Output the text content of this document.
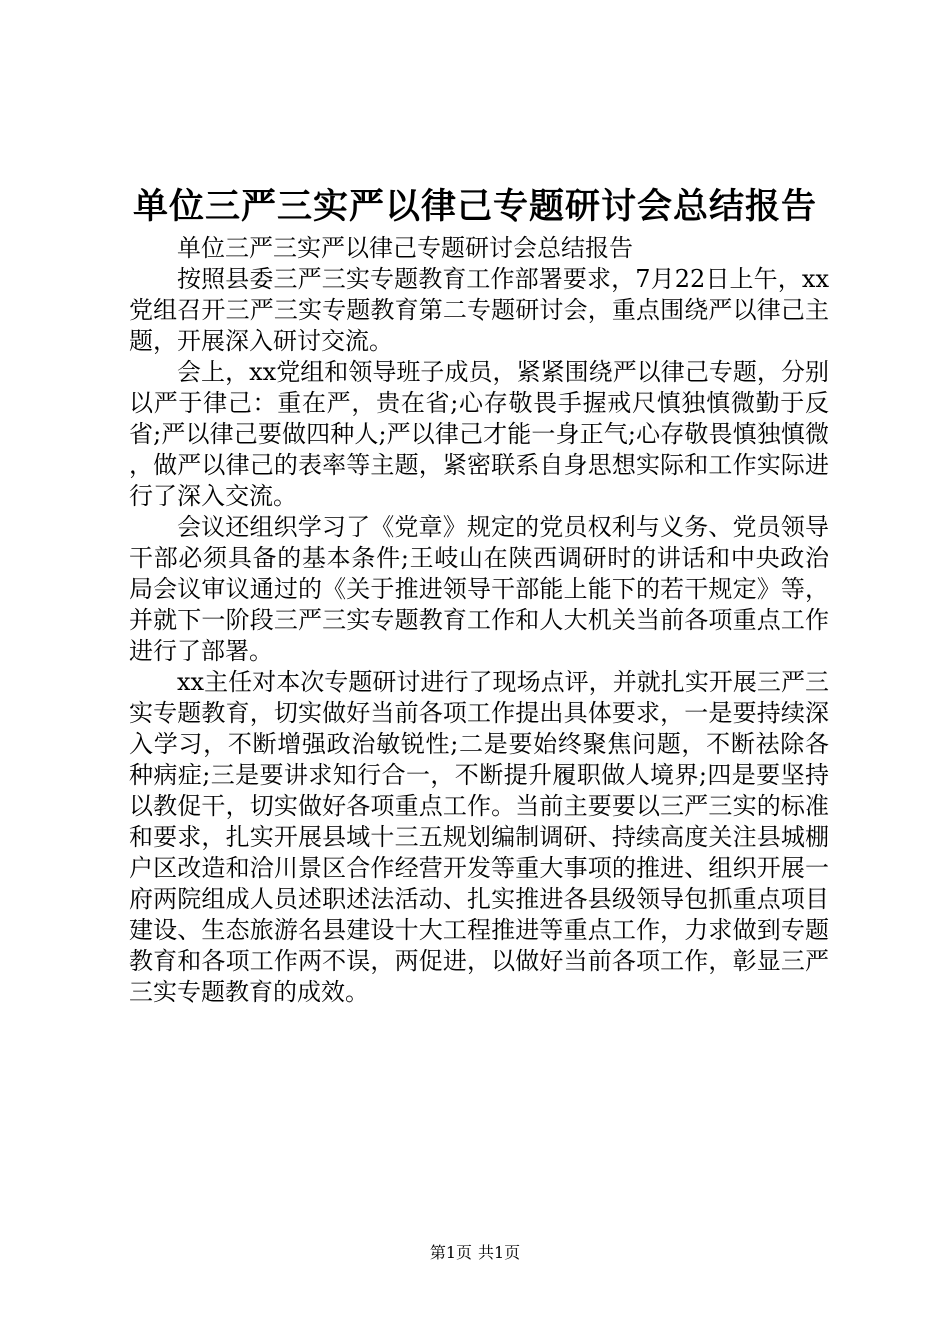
单位三严三实严以律己专题研讨会总结报告

单位三严三实严以律己专题研讨会总结报告

按照县委三严三实专题教育工作部署要求，7月22日上午，xx党组召开三严三实专题教育第二专题研讨会，重点围绕严以律己主题，开展深入研讨交流。

会上，xx党组和领导班子成员，紧紧围绕严以律己专题，分别以严于律己：重在严，贵在省;心存敬畏手握戒尺慎独慎微勤于反省;严以律己要做四种人;严以律己才能一身正气;心存敬畏慎独慎微，做严以律己的表率等主题，紧密联系自身思想实际和工作实际进行了深入交流。

会议还组织学习了《党章》规定的党员权利与义务、党员领导干部必须具备的基本条件;王岐山在陕西调研时的讲话和中央政治局会议审议通过的《关于推进领导干部能上能下的若干规定》等，并就下一阶段三严三实专题教育工作和人大机关当前各项重点工作进行了部署。

xx主任对本次专题研讨进行了现场点评，并就扎实开展三严三实专题教育，切实做好当前各项工作提出具体要求，一是要持续深入学习，不断增强政治敏锐性;二是要始终聚焦问题，不断祛除各种病症;三是要讲求知行合一，不断提升履职做人境界;四是要坚持以教促干，切实做好各项重点工作。当前主要要以三严三实的标准和要求，扎实开展县域十三五规划编制调研、持续高度关注县城棚户区改造和洽川景区合作经营开发等重大事项的推进、组织开展一府两院组成人员述职述法活动、扎实推进各县级领导包抓重点项目建设、生态旅游名县建设十大工程推进等重点工作，力求做到专题教育和各项工作两不误，两促进，以做好当前各项工作，彰显三严三实专题教育的成效。

第1页 共1页
